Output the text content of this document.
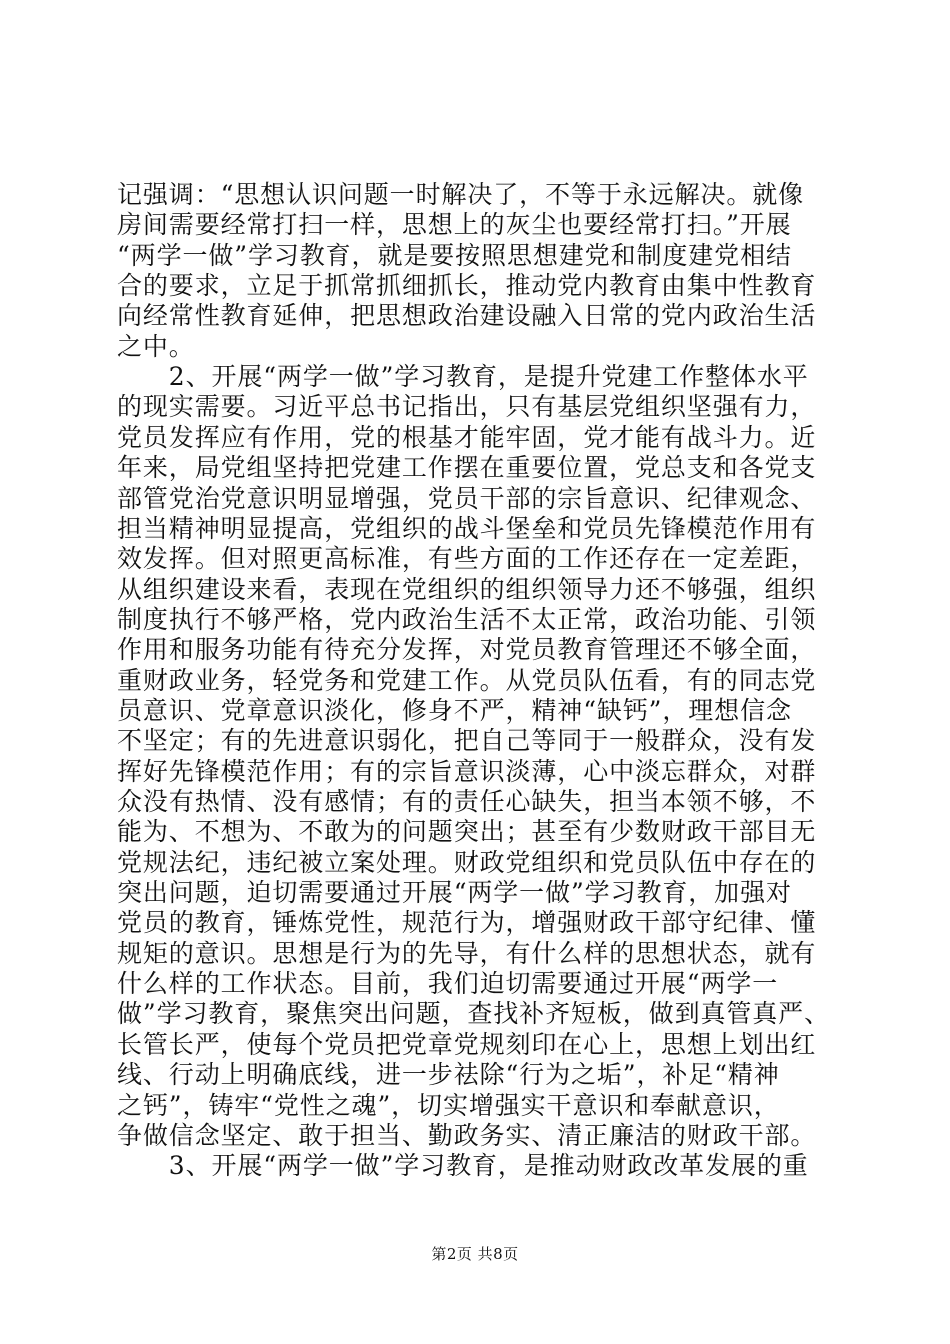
记强调：“思想认识问题一时解决了，不等于永远解决。就像
房间需要经常打扫一样，思想上的灰尘也要经常打扫。”开展
“两学一做”学习教育，就是要按照思想建党和制度建党相结
合的要求，立足于抓常抓细抓长，推动党内教育由集中性教育
向经常性教育延伸，把思想政治建设融入日常的党内政治生活
之中。
　　2、开展“两学一做”学习教育，是提升党建工作整体水平
的现实需要。习近平总书记指出，只有基层党组织坚强有力，
党员发挥应有作用，党的根基才能牢固，党才能有战斗力。近
年来，局党组坚持把党建工作摆在重要位置，党总支和各党支
部管党治党意识明显增强，党员干部的宗旨意识、纪律观念、
担当精神明显提高，党组织的战斗堡垒和党员先锋模范作用有
效发挥。但对照更高标准，有些方面的工作还存在一定差距，
从组织建设来看，表现在党组织的组织领导力还不够强，组织
制度执行不够严格，党内政治生活不太正常，政治功能、引领
作用和服务功能有待充分发挥，对党员教育管理还不够全面，
重财政业务，轻党务和党建工作。从党员队伍看，有的同志党
员意识、党章意识淡化，修身不严，精神“缺钙”，理想信念
不坚定；有的先进意识弱化，把自己等同于一般群众，没有发
挥好先锋模范作用；有的宗旨意识淡薄，心中淡忘群众，对群
众没有热情、没有感情；有的责任心缺失，担当本领不够，不
能为、不想为、不敢为的问题突出；甚至有少数财政干部目无
党规法纪，违纪被立案处理。财政党组织和党员队伍中存在的
突出问题，迫切需要通过开展“两学一做”学习教育，加强对
党员的教育，锤炼党性，规范行为，增强财政干部守纪律、懂
规矩的意识。思想是行为的先导，有什么样的思想状态，就有
什么样的工作状态。目前，我们迫切需要通过开展“两学一
做”学习教育，聚焦突出问题，查找补齐短板，做到真管真严、
长管长严，使每个党员把党章党规刻印在心上，思想上划出红
线、行动上明确底线，进一步祛除“行为之垢”，补足“精神
之钙”，铸牢“党性之魂”，切实增强实干意识和奉献意识，
争做信念坚定、敢于担当、勤政务实、清正廉洁的财政干部。
　　3、开展“两学一做”学习教育，是推动财政改革发展的重
第2页 共8页
